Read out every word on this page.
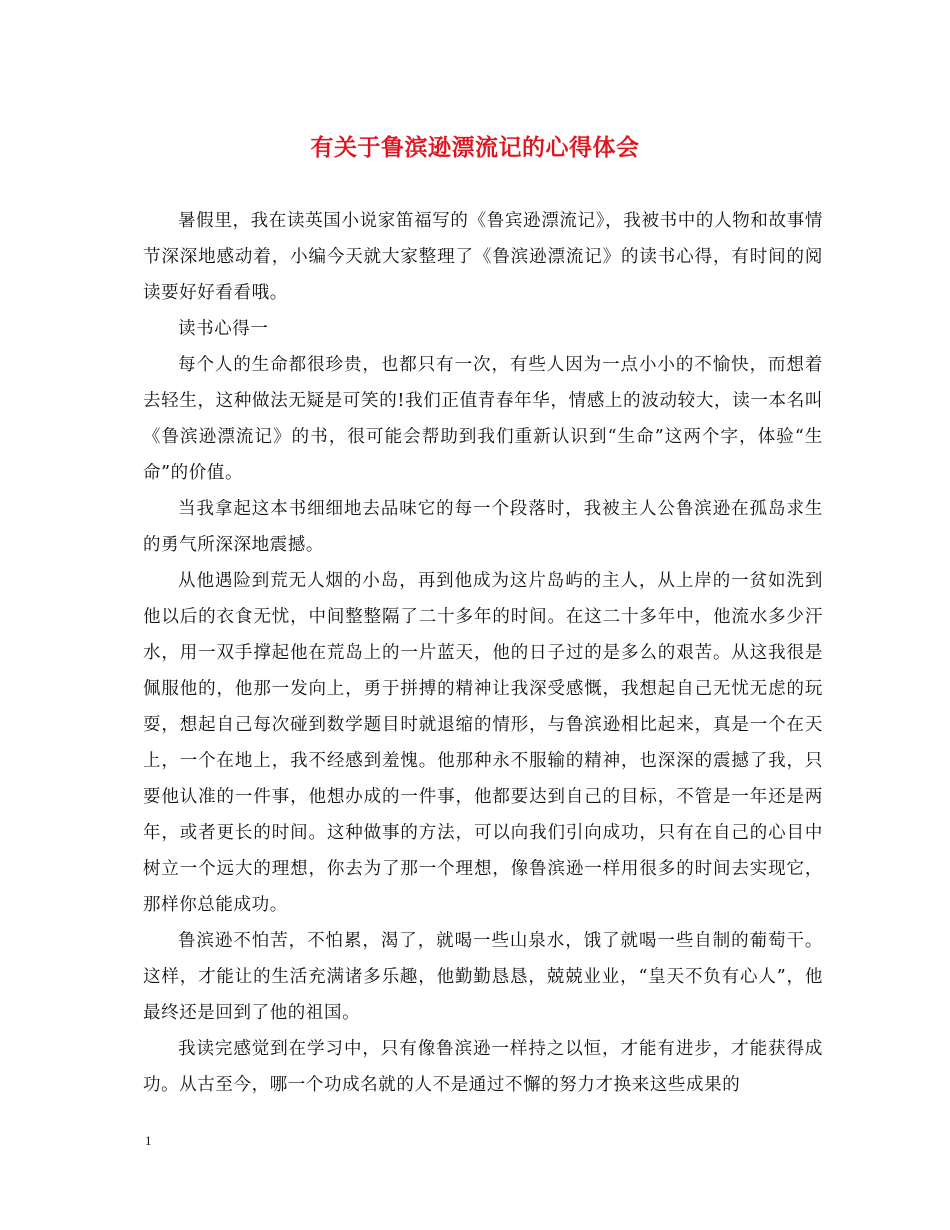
有关于鲁滨逊漂流记的心得体会

暑假里，我在读英国小说家笛福写的《鲁宾逊漂流记》，我被书中的人物和故事情节深深地感动着，小编今天就大家整理了《鲁滨逊漂流记》的读书心得，有时间的阅读要好好看看哦。

读书心得一

每个人的生命都很珍贵，也都只有一次，有些人因为一点小小的不愉快，而想着去轻生，这种做法无疑是可笑的!我们正值青春年华，情感上的波动较大，读一本名叫《鲁滨逊漂流记》的书，很可能会帮助到我们重新认识到“生命”这两个字，体验“生命”的价值。

当我拿起这本书细细地去品味它的每一个段落时，我被主人公鲁滨逊在孤岛求生的勇气所深深地震撼。

从他遇险到荒无人烟的小岛，再到他成为这片岛屿的主人，从上岸的一贫如洗到他以后的衣食无忧，中间整整隔了二十多年的时间。在这二十多年中，他流水多少汗水，用一双手撑起他在荒岛上的一片蓝天，他的日子过的是多么的艰苦。从这我很是佩服他的，他那一发向上，勇于拼搏的精神让我深受感慨，我想起自己无忧无虑的玩耍，想起自己每次碰到数学题目时就退缩的情形，与鲁滨逊相比起来，真是一个在天上，一个在地上，我不经感到羞愧。他那种永不服输的精神，也深深的震撼了我，只要他认准的一件事，他想办成的一件事，他都要达到自己的目标，不管是一年还是两年，或者更长的时间。这种做事的方法，可以向我们引向成功，只有在自己的心目中树立一个远大的理想，你去为了那一个理想，像鲁滨逊一样用很多的时间去实现它，那样你总能成功。

鲁滨逊不怕苦，不怕累，渴了，就喝一些山泉水，饿了就喝一些自制的葡萄干。这样，才能让的生活充满诸多乐趣，他勤勤恳恳，兢兢业业，“皇天不负有心人”，他最终还是回到了他的祖国。

我读完感觉到在学习中，只有像鲁滨逊一样持之以恒，才能有进步，才能获得成功。从古至今，哪一个功成名就的人不是通过不懈的努力才换来这些成果的

1
